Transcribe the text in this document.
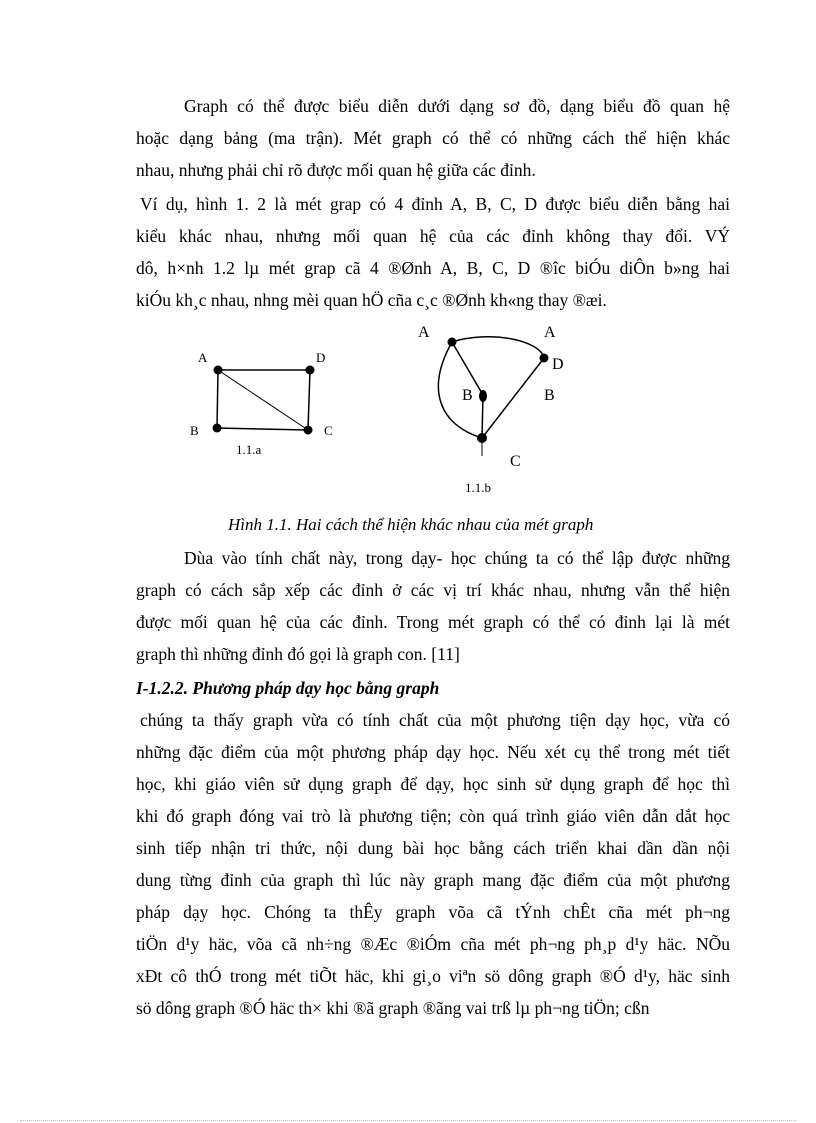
Graph có thể được biểu diễn dưới dạng sơ đồ, dạng biểu đồ quan hệ
hoặc dạng bảng (ma trận). Mét graph có thể có những cách thể hiện khác
nhau, nhưng phải chỉ rõ được mối quan hệ giữa các đỉnh.
Ví dụ, hình 1. 2 là mét grap có 4 đỉnh A, B, C, D được biểu diễn bằng hai
kiểu khác nhau, nhưng mối quan hệ của các đỉnh không thay đổi. VÝ
dô, h×nh 1.2 lµ mét grap cã 4 ®Ønh A, B, C, D ®îc biÓu diÔn b»ng hai
kiÓu kh¸c nhau, nhng mèi quan hÖ cña c¸c ®Ønh kh«ng thay ®æi.
A	D
B	C
1.1.a
A	A
D
B	B
C
1.1.b
Hình 1.1. Hai cách thể hiện khác nhau của mét graph
Dùa vào tính chất này, trong dạy- học chúng ta có thể lập được những
graph có cách sắp xếp các đỉnh ở các vị trí khác nhau, nhưng vẫn thể hiện
được mối quan hệ của các đỉnh. Trong mét graph có thể có đỉnh lại là mét
graph thì những đỉnh đó gọi là graph con. [11]
I-1.2.2. Phương pháp dạy học bằng graph
chúng ta thấy graph vừa có tính chất của một phương tiện dạy học, vừa có
những đặc điểm của một phương pháp dạy học. Nếu xét cụ thể trong mét tiết
học, khi giáo viên sử dụng graph để dạy, học sinh sử dụng graph để học thì
khi đó graph đóng vai trò là phương tiện; còn quá trình giáo viên dẫn dắt học
sinh tiếp nhận tri thức, nội dung bài học bằng cách triển khai dần dần nội
dung từng đỉnh của graph thì lúc này graph mang đặc điểm của một phương
pháp dạy học. Chóng ta thÊy graph võa cã tÝnh chÊt cña mét ph¬ng
tiÖn d¹y häc, võa cã nh÷ng ®Æc ®iÓm cña mét ph¬ng ph¸p d¹y häc. NÕu
xÐt cô thÓ trong mét tiÕt häc, khi gi¸o viªn sö dông graph ®Ó d¹y, häc sinh
sö dông graph ®Ó häc th× khi ®ã graph ®ãng vai trß lµ ph¬ng tiÖn; cßn
